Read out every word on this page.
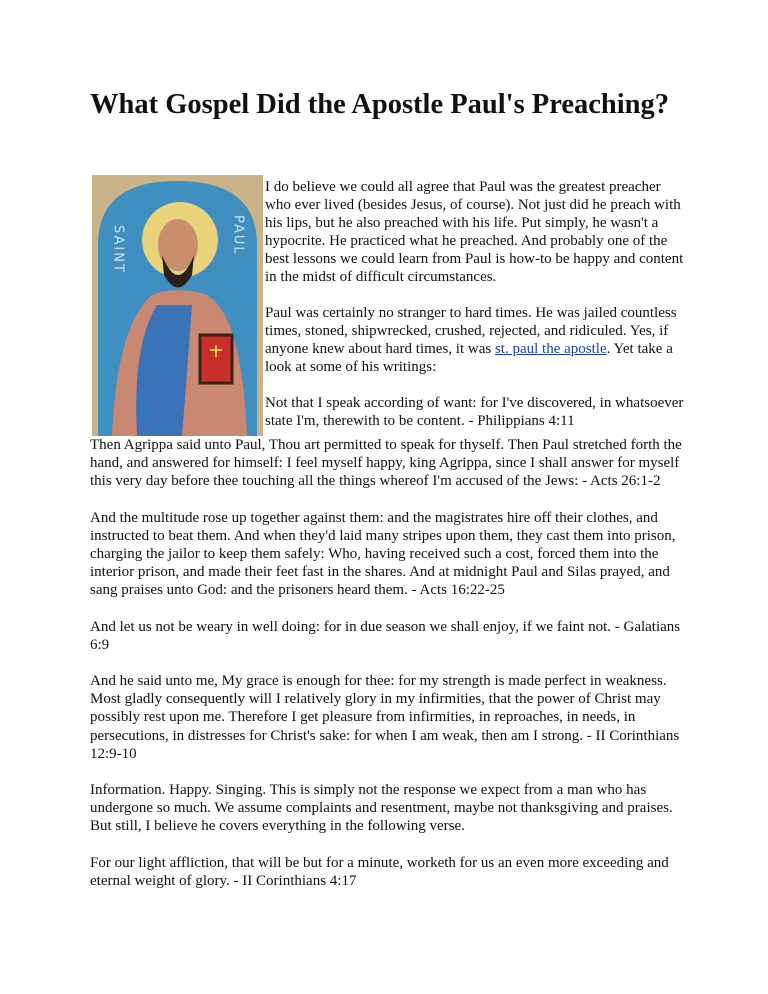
What Gospel Did the Apostle Paul's Preaching?
SAINT	PAUL

I do believe we could all agree that Paul was the greatest preacher who ever lived (besides Jesus, of course). Not just did he preach with his lips, but he also preached with his life. Put simply, he wasn't a hypocrite. He practiced what he preached. And probably one of the best lessons we could learn from Paul is how-to be happy and content in the midst of difficult circumstances.

Paul was certainly no stranger to hard times. He was jailed countless times, stoned, shipwrecked, crushed, rejected, and ridiculed. Yes, if anyone knew about hard times, it was st. paul the apostle. Yet take a look at some of his writings:

Not that I speak according of want: for I've discovered, in whatsoever state I'm, therewith to be content. - Philippians 4:11

Then Agrippa said unto Paul, Thou art permitted to speak for thyself. Then Paul stretched forth the hand, and answered for himself: I feel myself happy, king Agrippa, since I shall answer for myself this very day before thee touching all the things whereof I'm accused of the Jews: - Acts 26:1-2

And the multitude rose up together against them: and the magistrates hire off their clothes, and instructed to beat them. And when they'd laid many stripes upon them, they cast them into prison, charging the jailor to keep them safely: Who, having received such a cost, forced them into the interior prison, and made their feet fast in the shares. And at midnight Paul and Silas prayed, and sang praises unto God: and the prisoners heard them. - Acts 16:22-25

And let us not be weary in well doing: for in due season we shall enjoy, if we faint not. - Galatians 6:9

And he said unto me, My grace is enough for thee: for my strength is made perfect in weakness. Most gladly consequently will I relatively glory in my infirmities, that the power of Christ may possibly rest upon me. Therefore I get pleasure from infirmities, in reproaches, in needs, in persecutions, in distresses for Christ's sake: for when I am weak, then am I strong. - II Corinthians 12:9-10

Information. Happy. Singing. This is simply not the response we expect from a man who has undergone so much. We assume complaints and resentment, maybe not thanksgiving and praises. But still, I believe he covers everything in the following verse.

For our light affliction, that will be but for a minute, worketh for us an even more exceeding and eternal weight of glory. - II Corinthians 4:17
